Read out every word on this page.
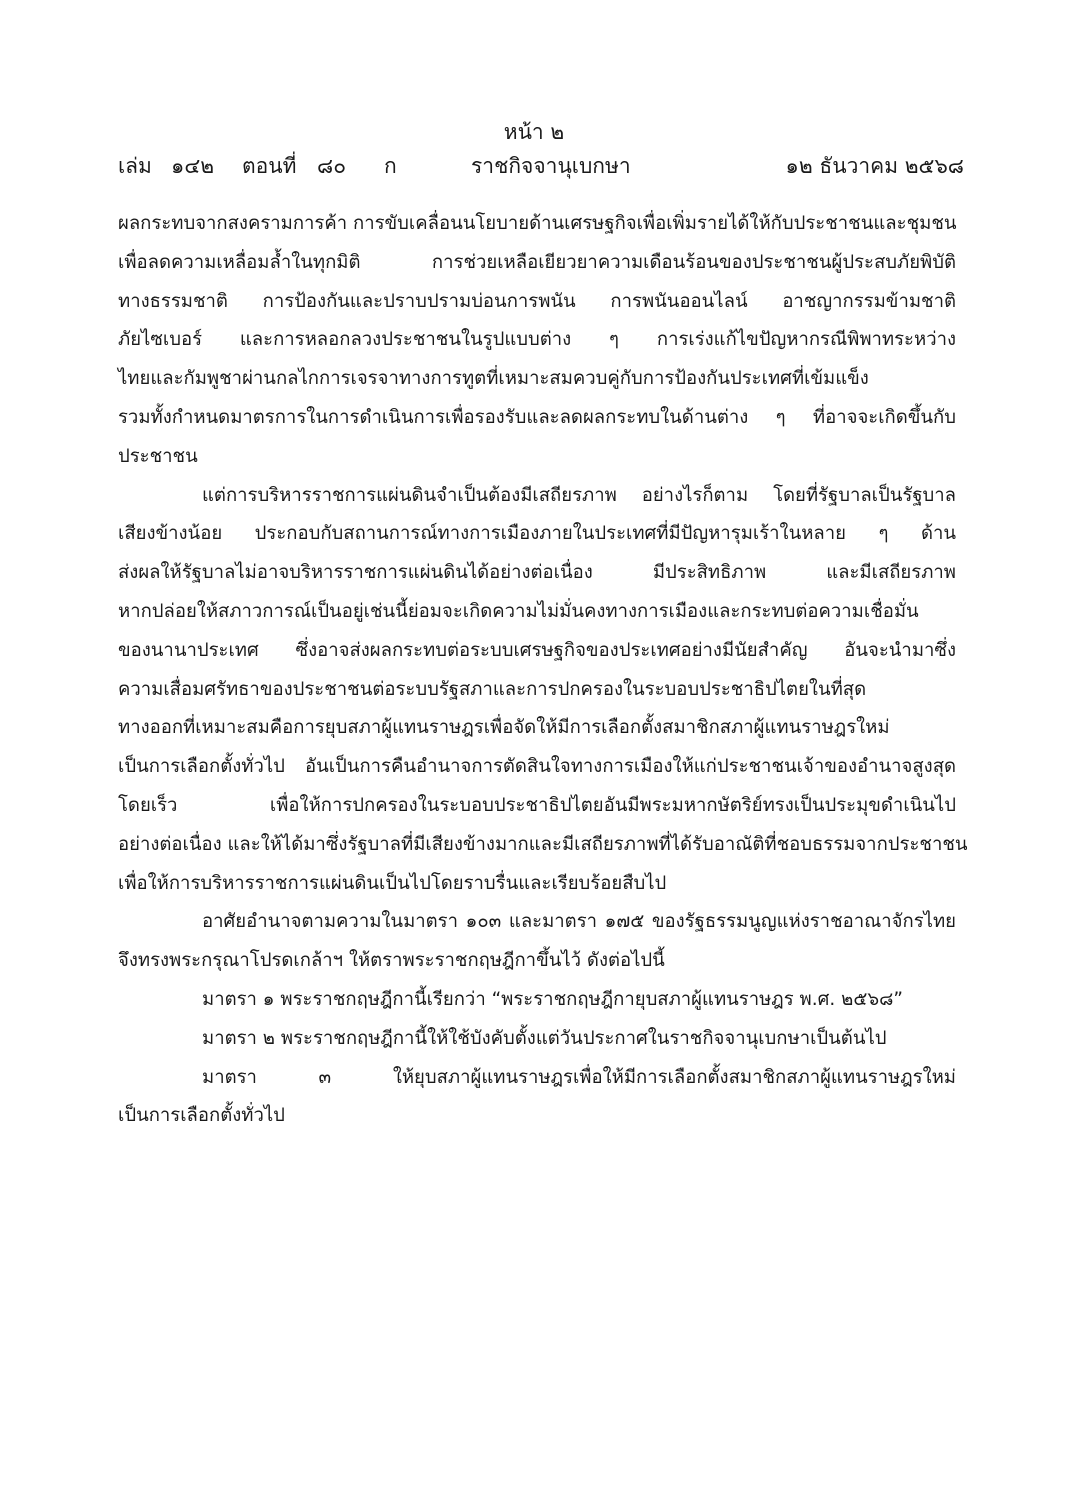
หน้า ๒
เล่ม ๑๔๒ ตอนที่ ๘๐ ก	ราชกิจจานุเบกษา	๑๒ ธันวาคม ๒๕๖๘
ผลกระทบจากสงครามการค้า การขับเคลื่อนนโยบายด้านเศรษฐกิจเพื่อเพิ่มรายได้ให้กับประชาชนและชุมชน
เพื่อลดความเหลื่อมล้ำในทุกมิติ การช่วยเหลือเยียวยาความเดือนร้อนของประชาชนผู้ประสบภัยพิบัติ
ทางธรรมชาติ การป้องกันและปราบปรามบ่อนการพนัน การพนันออนไลน์ อาชญากรรมข้ามชาติ
ภัยไซเบอร์ และการหลอกลวงประชาชนในรูปแบบต่าง ๆ การเร่งแก้ไขปัญหากรณีพิพาทระหว่าง
ไทยและกัมพูชาผ่านกลไกการเจรจาทางการทูตที่เหมาะสมควบคู่กับการป้องกันประเทศที่เข้มแข็ง
รวมทั้งกำหนดมาตรการในการดำเนินการเพื่อรองรับและลดผลกระทบในด้านต่าง ๆ ที่อาจจะเกิดขึ้นกับ
ประชาชน
แต่การบริหารราชการแผ่นดินจำเป็นต้องมีเสถียรภาพ อย่างไรก็ตาม โดยที่รัฐบาลเป็นรัฐบาล
เสียงข้างน้อย ประกอบกับสถานการณ์ทางการเมืองภายในประเทศที่มีปัญหารุมเร้าในหลาย ๆ ด้าน
ส่งผลให้รัฐบาลไม่อาจบริหารราชการแผ่นดินได้อย่างต่อเนื่อง มีประสิทธิภาพ และมีเสถียรภาพ
หากปล่อยให้สภาวการณ์เป็นอยู่เช่นนี้ย่อมจะเกิดความไม่มั่นคงทางการเมืองและกระทบต่อความเชื่อมั่น
ของนานาประเทศ ซึ่งอาจส่งผลกระทบต่อระบบเศรษฐกิจของประเทศอย่างมีนัยสำคัญ อันจะนำมาซึ่ง
ความเสื่อมศรัทธาของประชาชนต่อระบบรัฐสภาและการปกครองในระบอบประชาธิปไตยในที่สุด
ทางออกที่เหมาะสมคือการยุบสภาผู้แทนราษฎรเพื่อจัดให้มีการเลือกตั้งสมาชิกสภาผู้แทนราษฎรใหม่
เป็นการเลือกตั้งทั่วไป อันเป็นการคืนอำนาจการตัดสินใจทางการเมืองให้แก่ประชาชนเจ้าของอำนาจสูงสุด
โดยเร็ว เพื่อให้การปกครองในระบอบประชาธิปไตยอันมีพระมหากษัตริย์ทรงเป็นประมุขดำเนินไป
อย่างต่อเนื่อง และให้ได้มาซึ่งรัฐบาลที่มีเสียงข้างมากและมีเสถียรภาพที่ได้รับอาณัติที่ชอบธรรมจากประชาชน
เพื่อให้การบริหารราชการแผ่นดินเป็นไปโดยราบรื่นและเรียบร้อยสืบไป
อาศัยอำนาจตามความในมาตรา ๑๐๓ และมาตรา ๑๗๕ ของรัฐธรรมนูญแห่งราชอาณาจักรไทย
จึงทรงพระกรุณาโปรดเกล้าฯ ให้ตราพระราชกฤษฎีกาขึ้นไว้ ดังต่อไปนี้
มาตรา ๑ พระราชกฤษฎีกานี้เรียกว่า “พระราชกฤษฎีกายุบสภาผู้แทนราษฎร พ.ศ. ๒๕๖๘”
มาตรา ๒ พระราชกฤษฎีกานี้ให้ใช้บังคับตั้งแต่วันประกาศในราชกิจจานุเบกษาเป็นต้นไป
มาตรา ๓ ให้ยุบสภาผู้แทนราษฎรเพื่อให้มีการเลือกตั้งสมาชิกสภาผู้แทนราษฎรใหม่
เป็นการเลือกตั้งทั่วไป
